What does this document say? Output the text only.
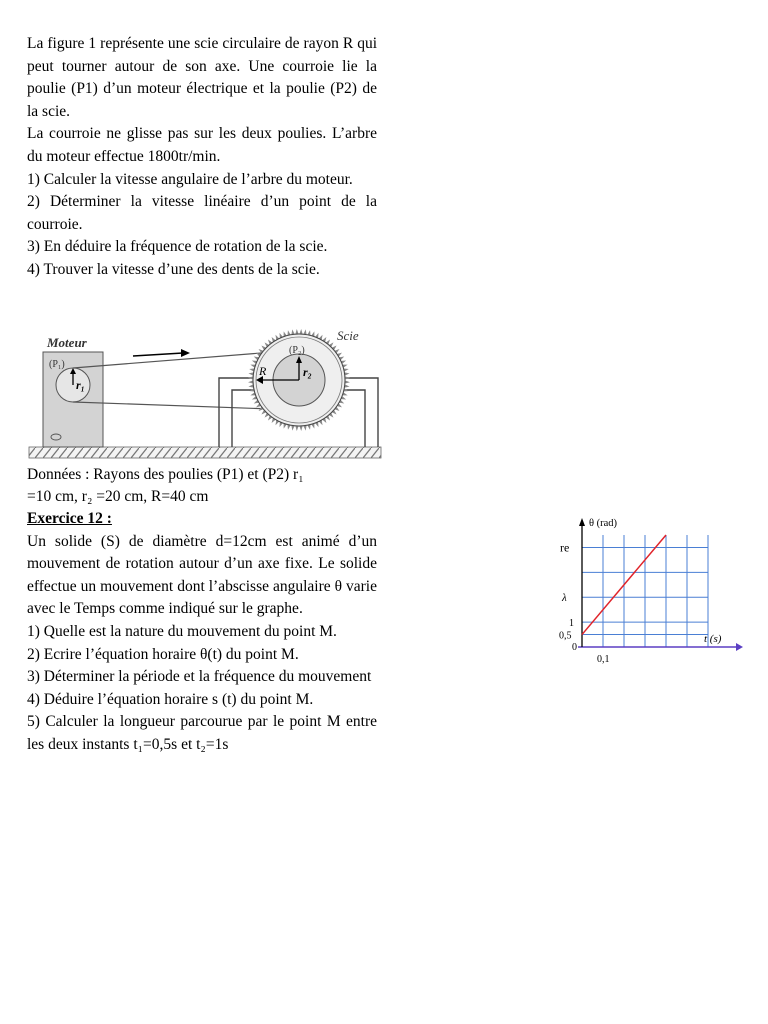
La figure 1 représente une scie circulaire de rayon R qui peut tourner autour de son axe. Une courroie lie la poulie (P1) d’un moteur électrique et la poulie (P2) de la scie.

La courroie ne glisse pas sur les deux poulies. L’arbre du moteur effectue 1800tr/min.

1) Calculer la vitesse angulaire de l’arbre du moteur.

2) Déterminer la vitesse linéaire d’un point de la courroie.

3) En déduire la fréquence de rotation de la scie.

4) Trouver la vitesse d’une des dents de la scie.

Moteur
(P₁)
r₁
R	r₂
(P₂)
Scie

Données : Rayons des poulies (P1) et (P2) r₁

=10 cm, r₂ =20 cm, R=40 cm

Exercice 12 :

Un solide (S) de diamètre d=12cm est animé d’un mouvement de rotation autour d’un axe fixe. Le solide effectue un mouvement dont l’abscisse angulaire θ varie avec le Temps comme indiqué sur le graphe.

1) Quelle est la nature du mouvement du point M.

2) Ecrire l’équation horaire θ(t) du point M.

3) Déterminer la période et la fréquence du mouvement

4) Déduire l’équation horaire s (t) du point M.

5) Calculer la longueur parcourue par le point M entre les deux instants t₁=0,5s et t₂=1s

θ (rad)
t (s)
0
0,5
1
0,1
re
λ
